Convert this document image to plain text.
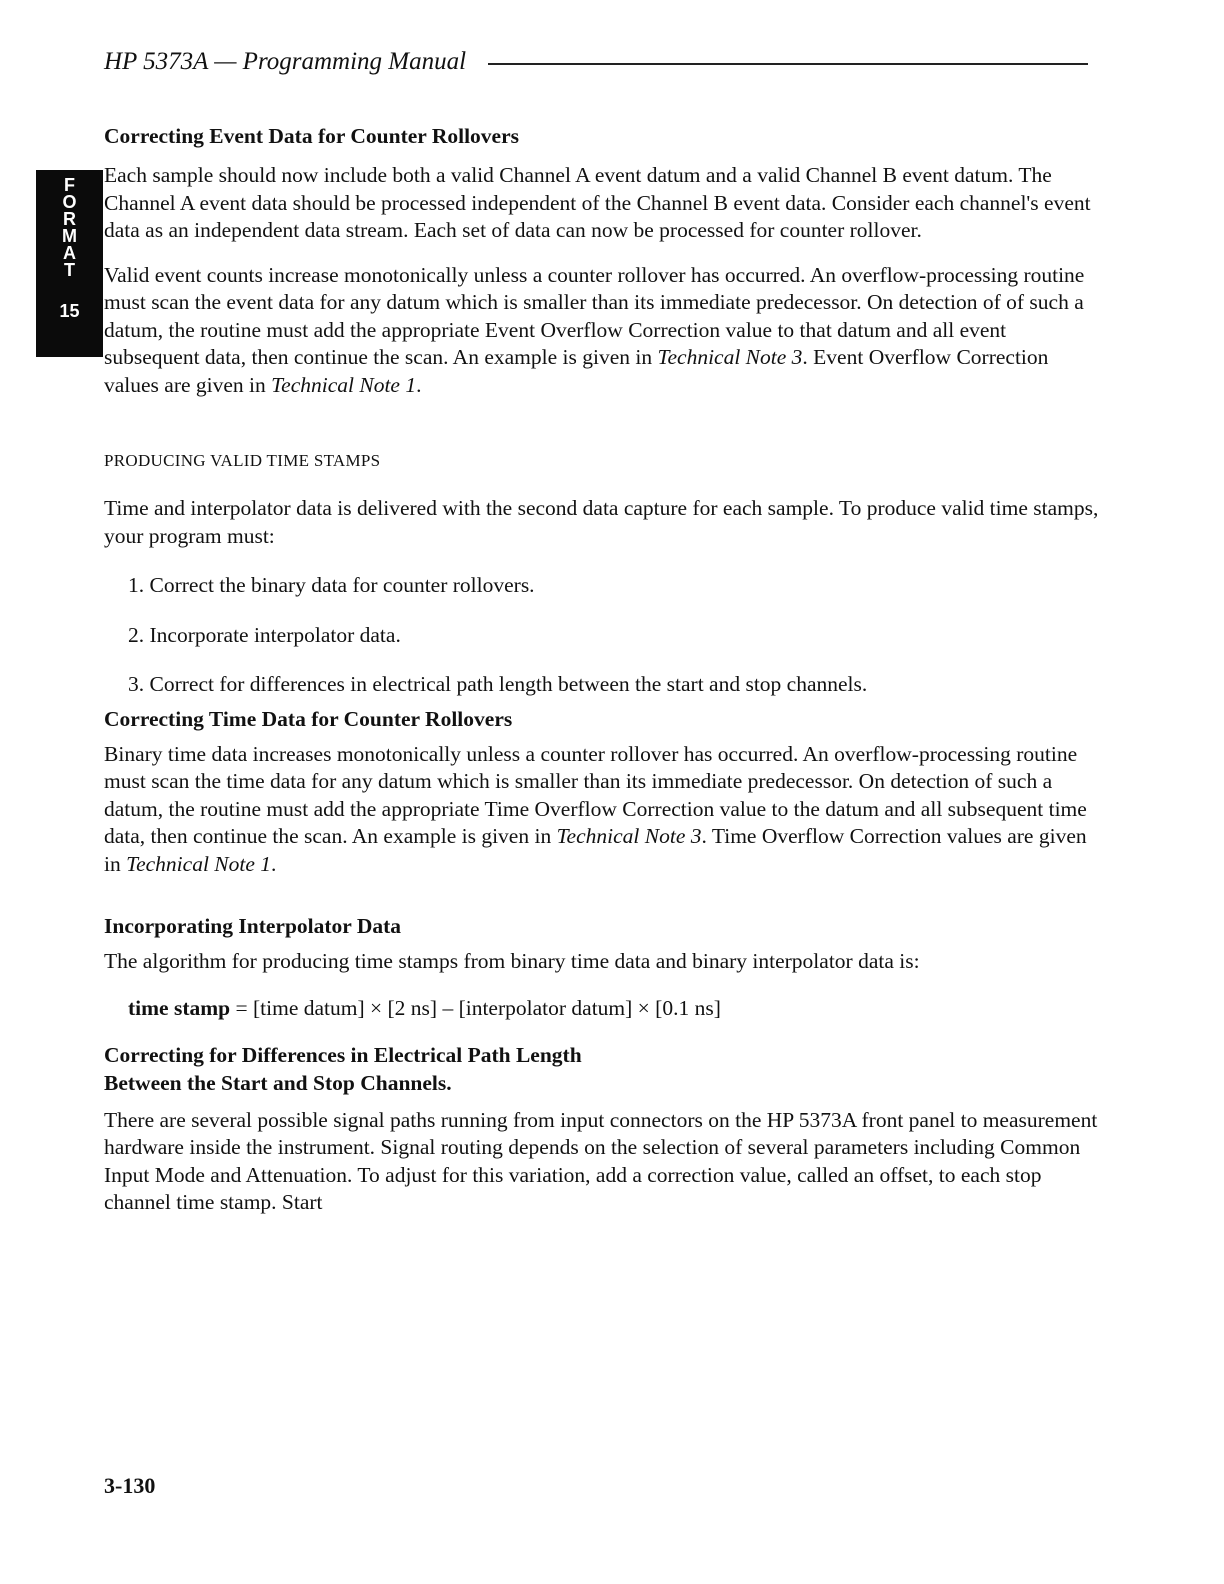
HP 5373A — Programming Manual
F
O
R
M
A
T
15

Correcting Event Data for Counter Rollovers

Each sample should now include both a valid Channel A event datum and a valid Channel B event datum. The Channel A event data should be processed independent of the Channel B event data. Consider each channel's event data as an independent data stream. Each set of data can now be processed for counter rollover.

Valid event counts increase monotonically unless a counter rollover has occurred. An overflow-processing routine must scan the event data for any datum which is smaller than its immediate predecessor. On detection of of such a datum, the routine must add the appropriate Event Overflow Correction value to that datum and all event subsequent data, then continue the scan. An example is given in Technical Note 3. Event Overflow Correction values are given in Technical Note 1.

PRODUCING VALID TIME STAMPS

Time and interpolator data is delivered with the second data capture for each sample. To produce valid time stamps, your program must:

1. Correct the binary data for counter rollovers.

2. Incorporate interpolator data.

3. Correct for differences in electrical path length between the start and stop channels.

Correcting Time Data for Counter Rollovers

Binary time data increases monotonically unless a counter rollover has occurred. An overflow-processing routine must scan the time data for any datum which is smaller than its immediate predecessor. On detection of such a datum, the routine must add the appropriate Time Overflow Correction value to the datum and all subsequent time data, then continue the scan. An example is given in Technical Note 3. Time Overflow Correction values are given in Technical Note 1.

Incorporating Interpolator Data

The algorithm for producing time stamps from binary time data and binary interpolator data is:

time stamp = [time datum] × [2 ns] – [interpolator datum] × [0.1 ns]

Correcting for Differences in Electrical Path Length

Between the Start and Stop Channels.

There are several possible signal paths running from input connectors on the HP 5373A front panel to measurement hardware inside the instrument. Signal routing depends on the selection of several parameters including Common Input Mode and Attenuation. To adjust for this variation, add a correction value, called an offset, to each stop channel time stamp. Start

3-130
